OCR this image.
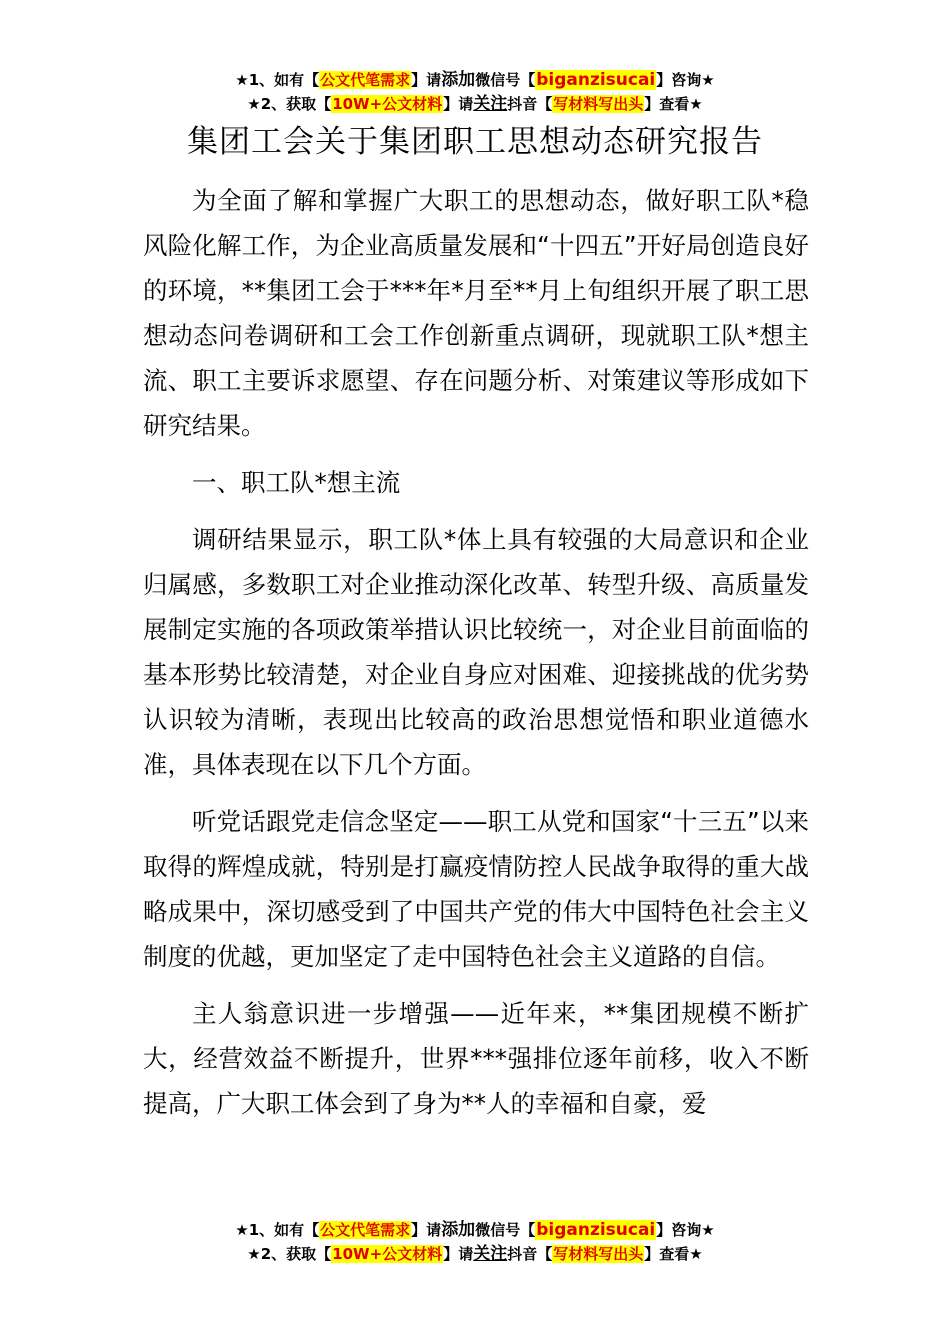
★1、如有【公文代笔需求】请添加微信号【biganzisucai】咨询★
★2、获取【10W+公文材料】请关注抖音【写材料写出头】查看★
集团工会关于集团职工思想动态研究报告

为全面了解和掌握广大职工的思想动态，做好职工队*稳风险化解工作，为企业高质量发展和“十四五”开好局创造良好的环境，**集团工会于***年*月至**月上旬组织开展了职工思想动态问卷调研和工会工作创新重点调研，现就职工队*想主流、职工主要诉求愿望、存在问题分析、对策建议等形成如下研究结果。

一、职工队*想主流

调研结果显示，职工队*体上具有较强的大局意识和企业归属感，多数职工对企业推动深化改革、转型升级、高质量发展制定实施的各项政策举措认识比较统一，对企业目前面临的基本形势比较清楚，对企业自身应对困难、迎接挑战的优劣势认识较为清晰，表现出比较高的政治思想觉悟和职业道德水准，具体表现在以下几个方面。

听党话跟党走信念坚定——职工从党和国家“十三五”以来取得的辉煌成就，特别是打赢疫情防控人民战争取得的重大战略成果中，深切感受到了中国共产党的伟大中国特色社会主义制度的优越，更加坚定了走中国特色社会主义道路的自信。

主人翁意识进一步增强——近年来，**集团规模不断扩大，经营效益不断提升，世界***强排位逐年前移，收入不断提高，广大职工体会到了身为**人的幸福和自豪，爱

★1、如有【公文代笔需求】请添加微信号【biganzisucai】咨询★
★2、获取【10W+公文材料】请关注抖音【写材料写出头】查看★
